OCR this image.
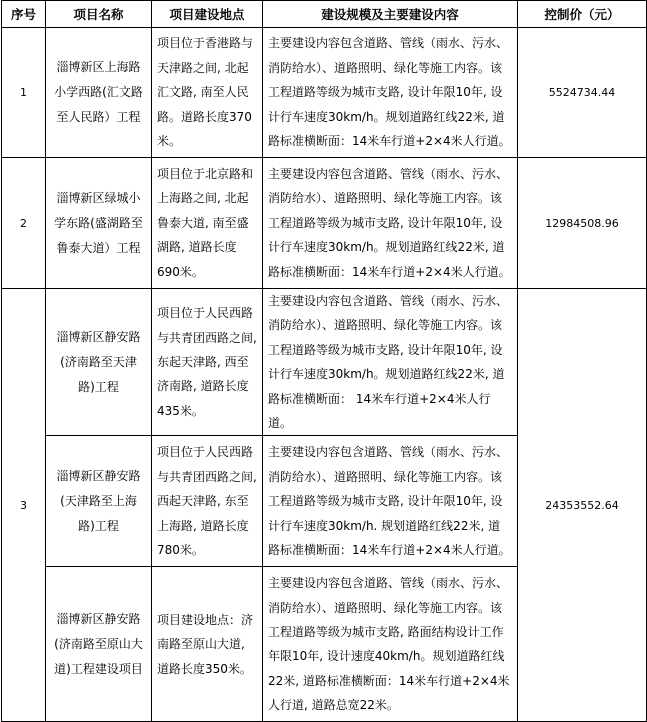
序号	项目名称	项目建设地点	建设规模及主要建设内容	控制价（元）
1	淄博新区上海路小学西路(汇文路至人民路）工程	项目位于香港路与天津路之间, 北起汇文路, 南至人民路。道路长度370米。	主要建设内容包含道路、管线（雨水、污水、消防给水）、道路照明、绿化等施工内容。该工程道路等级为城市支路, 设计年限10年, 设计行车速度30km/h。规划道路红线22米, 道路标准横断面：14米车行道+2×4米人行道。	5524734.44
2	淄博新区绿城小学东路(盛湖路至鲁泰大道）工程	项目位于北京路和上海路之间, 北起鲁泰大道, 南至盛湖路, 道路长度690米。	主要建设内容包含道路、管线（雨水、污水、消防给水）、道路照明、绿化等施工内容。该工程道路等级为城市支路, 设计年限10年, 设计行车速度30km/h。规划道路红线22米, 道路标准横断面：14米车行道+2×4米人行道。	12984508.96
3	淄博新区静安路(济南路至天津路)工程	项目位于人民西路与共青团西路之间, 东起天津路, 西至济南路, 道路长度435米。	主要建设内容包含道路、管线（雨水、污水、消防给水）、道路照明、绿化等施工内容。该工程道路等级为城市支路, 设计年限10年, 设计行车速度30km/h。规划道路红线22米, 道路标准横断面： 14米车行道+2×4米人行道。	24353552.64
	淄博新区静安路(天津路至上海路)工程	项目位于人民西路与共青团西路之间, 西起天津路, 东至上海路, 道路长度780米。	主要建设内容包含道路、管线（雨水、污水、消防给水）、道路照明、绿化等施工内容。该工程道路等级为城市支路, 设计年限10年, 设计行车速度30km/h. 规划道路红线22米, 道路标准横断面：14米车行道+2×4米人行道。	
	淄博新区静安路(济南路至原山大道)工程建设项目	项目建设地点：济南路至原山大道, 道路长度350米。	主要建设内容包含道路、管线（雨水、污水、消防给水）、道路照明、绿化等施工内容。该工程道路等级为城市支路, 路面结构设计工作年限10年, 设计速度40km/h。规划道路红线22米, 道路标准横断面：14米车行道+2×4米人行道, 道路总宽22米。	
